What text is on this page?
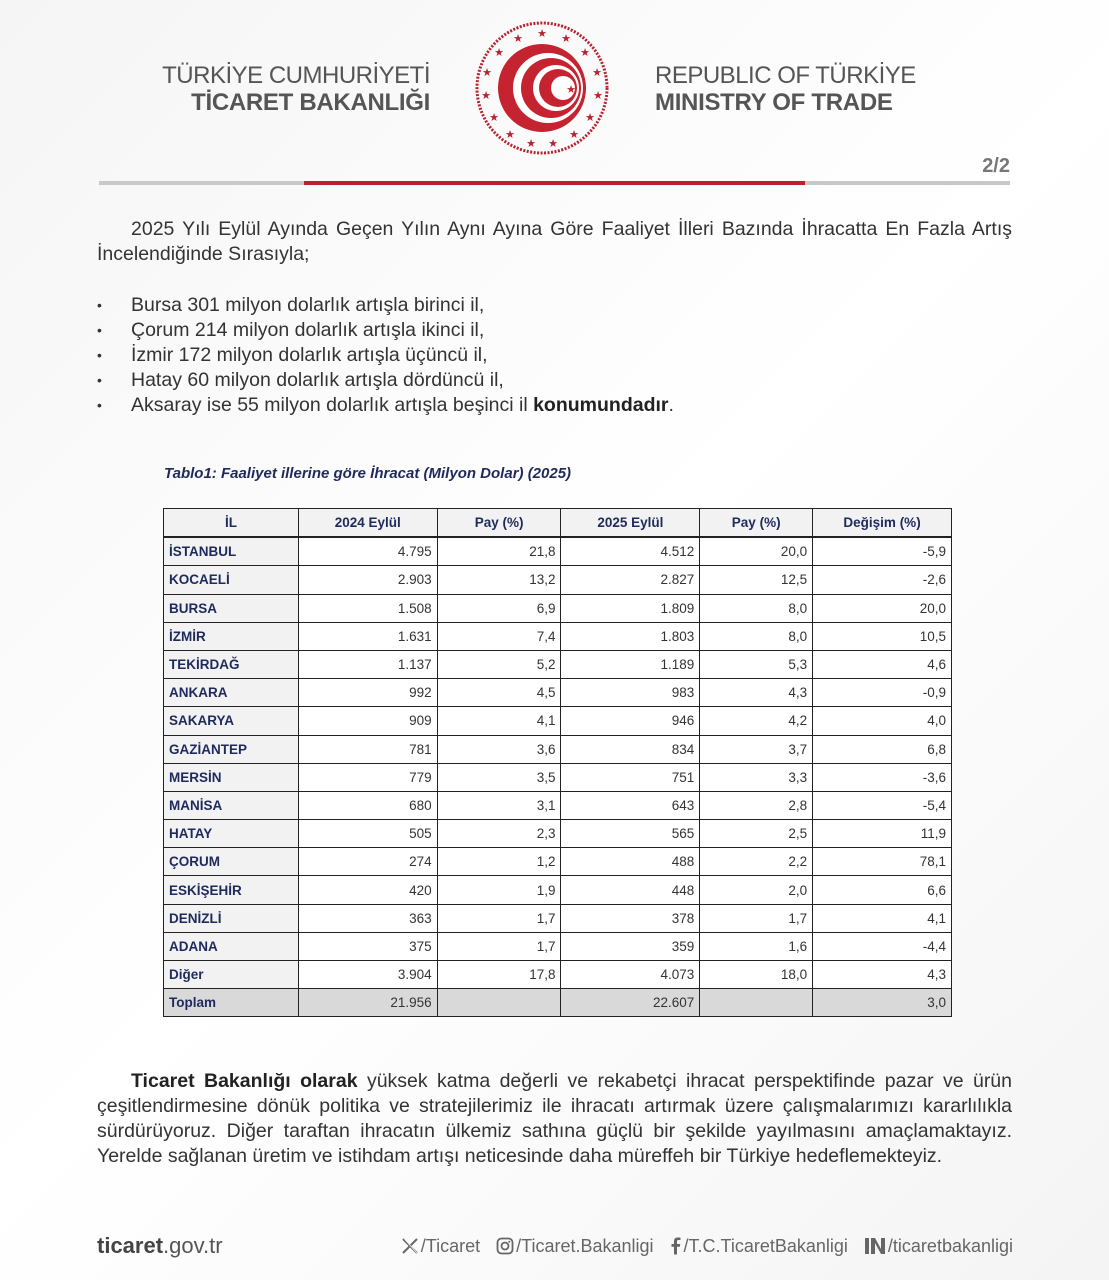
TÜRKİYE CUMHURİYETİ
TİCARET BAKANLIĞI
★ ★
★
★
★
★
★
★
★
★
★
★
★
★
★
★
REPUBLIC OF TÜRKİYE
MINISTRY OF TRADE
2/2
2025 Yılı Eylül Ayında Geçen Yılın Aynı Ayına Göre Faaliyet İlleri Bazında İhracatta En Fazla Artış İncelendiğinde Sırasıyla;
• Bursa 301 milyon dolarlık artışla birinci il,
• Çorum 214 milyon dolarlık artışla ikinci il,
• İzmir 172 milyon dolarlık artışla üçüncü il,
• Hatay 60 milyon dolarlık artışla dördüncü il,
• Aksaray ise 55 milyon dolarlık artışla beşinci il konumundadır.
Tablo1: Faaliyet illerine göre İhracat (Milyon Dolar) (2025)
İL	2024 Eylül	Pay (%)	2025 Eylül	Pay (%)	Değişim (%)
İSTANBUL	4.795	21,8	4.512	20,0	-5,9
KOCAELİ	2.903	13,2	2.827	12,5	-2,6
BURSA	1.508	6,9	1.809	8,0	20,0
İZMİR	1.631	7,4	1.803	8,0	10,5
TEKİRDAĞ	1.137	5,2	1.189	5,3	4,6
ANKARA	992	4,5	983	4,3	-0,9
SAKARYA	909	4,1	946	4,2	4,0
GAZİANTEP	781	3,6	834	3,7	6,8
MERSİN	779	3,5	751	3,3	-3,6
MANİSA	680	3,1	643	2,8	-5,4
HATAY	505	2,3	565	2,5	11,9
ÇORUM	274	1,2	488	2,2	78,1
ESKİŞEHİR	420	1,9	448	2,0	6,6
DENİZLİ	363	1,7	378	1,7	4,1
ADANA	375	1,7	359	1,6	-4,4
Diğer	3.904	17,8	4.073	18,0	4,3
Toplam	21.956		22.607		3,0
Ticaret Bakanlığı olarak yüksek katma değerli ve rekabetçi ihracat perspektifinde pazar ve ürün çeşitlendirmesine dönük politika ve stratejilerimiz ile ihracatı artırmak üzere çalışmalarımızı kararlılıkla sürdürüyoruz. Diğer taraftan ihracatın ülkemiz sathına güçlü bir şekilde yayılmasını amaçlamaktayız. Yerelde sağlanan üretim ve istihdam artışı neticesinde daha müreffeh bir Türkiye hedeflemekteyiz.
ticaret.gov.tr	/Ticaret /Ticaret.Bakanligi /T.C.TicaretBakanligi /ticaretbakanligi
